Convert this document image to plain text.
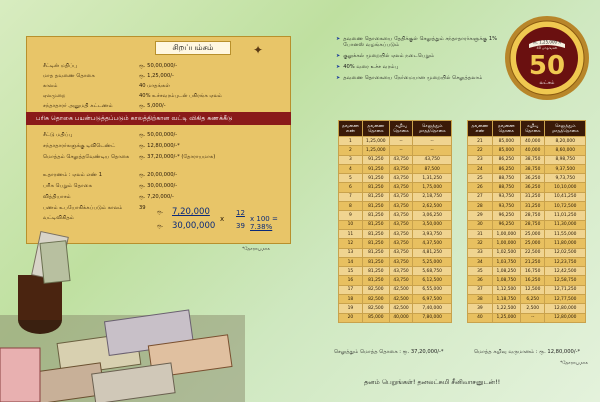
சிறப்பம்சம்	✦
சீட்டின் மதிப்பு	ரூ. 50,00,000/-
மாத தவணை தொகை	ரூ. 1,25,000/-
காலம்	40 மாதங்கள்
ஏலமுறை	40% உச்சவரம்புடன் பகிரங்க ஏலம்
சந்தாதாரர் அனுமதி கட்டணம்	ரூ. 5,000/-
சீட்டு மதிப்பு	ரூ. 50,00,000/-
சந்தாதாரர்களுக்கு டிவிடெண்ட்	ரூ. 12,80,000/-*
மொத்தம் செலுத்தவேண்டிய தொகை	ரூ. 37,20,000/-* (தோராயமாக)
உதாரணம் : ஏலம் எண் 1	ரூ. 20,00,000/-
பரிசு பெறும் தொகை	ரூ. 30,00,000/-
வித்தியாசம்	ரூ. 7,20,000/-
பணம் உபயோகிக்கப்படும் காலம்	39
வட்டிவிகிதம்
ரூ. 7,20,000
ரூ. 30,00,000
x
12
39
x 100 = 7.38%
பரிசு தொகை பயன்படுத்தப்படும் காலத்திற்கான வட்டி விகித கணக்கீடு
*தோராயமாக
➤ தவணை தொகையை தேதிக்குள் செலுத்தும் சந்தாதாரர்களுக்கு 1% போனஸ் வழங்கப்படும்
➤ குலுக்கல் முறையில் ஏலம் நடைபெறும்
➤ 40% வரை உச்ச வரம்பு
➤ தவணை தொகையை நேர்மையான முறையில் செலுத்தலாம்
ரூ. 1,25,000 X
40 மாதங்கள்
50
லட்சம்
தவணை எண்	தவணை தொகை	கழிவு தொகை	செலுத்தும் மாதத்தொகை
1	1,25,000	--	--
2	1,25,000	--	--
3	91,250	43,750	43,750
4	91,250	43,750	87,500
5	91,250	43,750	1,31,250
6	81,250	43,750	1,75,000
7	81,250	43,750	2,18,750
8	81,250	43,750	2,62,500
9	81,250	43,750	3,06,250
10	81,250	43,750	3,50,000
11	81,250	43,750	3,93,750
12	81,250	43,750	4,37,500
13	81,250	43,750	4,81,250
14	81,250	43,750	5,25,000
15	81,250	43,750	5,68,750
16	81,250	43,750	6,12,500
17	82,500	42,500	6,55,000
18	82,500	42,500	6,97,500
19	82,500	42,500	7,40,000
20	85,000	40,000	7,80,000
தவணை எண்	தவணை தொகை	கழிவு தொகை	செலுத்தும் மாதத்தொகை
21	85,000	40,000	8,20,000
22	85,000	40,000	8,60,000
23	86,250	38,750	8,98,750
24	86,250	38,750	9,37,500
25	88,750	36,250	9,73,750
26	88,750	36,250	10,10,000
27	93,750	31,250	10,41,250
28	93,750	31,250	10,72,500
29	96,250	28,750	11,01,250
30	96,250	28,750	11,30,000
31	1,00,000	25,000	11,55,000
32	1,00,000	25,000	11,80,000
33	1,02,500	22,500	12,02,500
34	1,03,750	21,250	12,23,750
35	1,08,250	16,750	12,42,500
36	1,08,750	16,250	12,58,750
37	1,12,500	12,500	12,71,250
38	1,18,750	6,250	12,77,500
39	1,22,500	2,500	12,80,000
40	1,25,000	--	12,80,000
செலுத்தும் மொத்த தொகை : ரூ. 37,20,000/-*	மொத்த கழிவு வருமானம் : ரூ. 12,80,000/-*
*தோராயமாக
தனம் பெறுங்கள்! தனலட்சுமி சீனிவாசனுடன்!!
